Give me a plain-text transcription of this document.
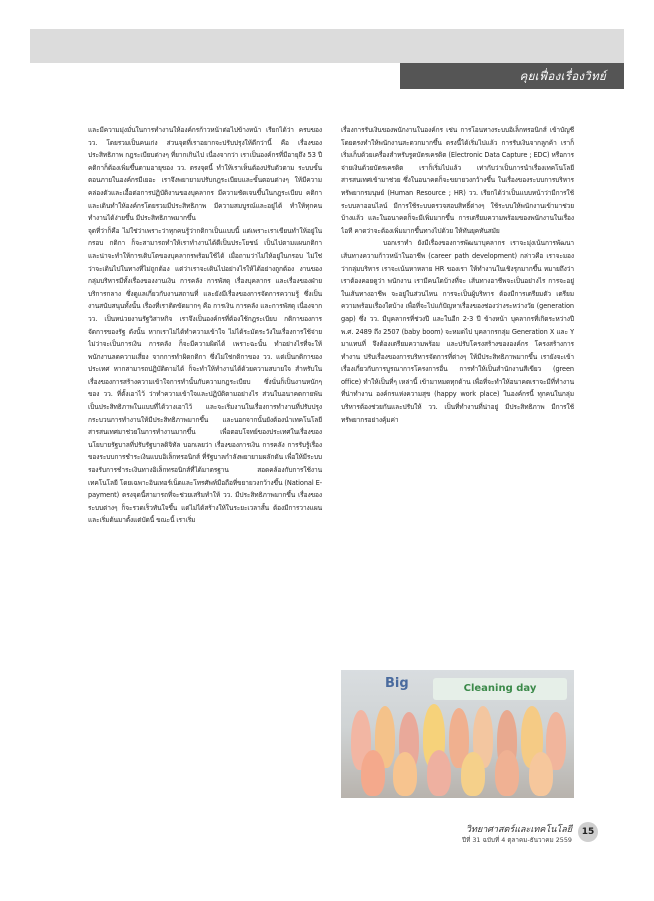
คุยเฟื่องเรื่องวิทย์

และมีความมุ่งมั่นในการทำงานให้องค์กรก้าวหน้าต่อไปข้างหน้า เรียกได้ว่า ครบของ วว. โดยรวมเป็นคนเก่ง ส่วนจุดที่เราอยากจะปรับปรุงให้ดีกว่านี้ คือ เรื่องของประสิทธิภาพ กฎระเบียบต่างๆ ที่ยากเกินไป เนื่องจากว่า เราเป็นองค์กรที่มีอายุถึง 53 ปี คติกาก็ต้องเพิ่มขึ้นตามอายุของ วว. ตรงจุดนี้ ทำให้เราเห็นต้องปรับตัวตาม ระบบขั้นตอนภายในองค์กรมีเยอะ เราจึงพยายามปรับกฎระเบียบและขั้นตอนต่างๆ ให้มีความคล่องตัวและเอื้อต่อการปฏิบัติงานของบุคลากร มีความชัดเจนขึ้นในกฎระเบียบ คติกา และเดินทำให้องค์กรโดยรวมมีประสิทธิภาพ มีความสมบูรณ์และอยู่ได้ ทำให้ทุกคนทำงานได้ง่ายขึ้น มีประสิทธิภาพมากขึ้น

จุดที่ว่าก็คือ ไม่ใช่ว่าเพราะว่าทุกคนรู้ว่ากติกาเป็นแบบนี้ แต่เพราะเราเขียนทำให้อยู่ในกรอบ กติกา ก็จะสามารถทำให้เราทำงานได้ดีเป็นประโยชน์ เป็นไปตามแผนกติกา และน่าจะทำให้การเติบโตของบุคลากรพร้อมใช้ได้ เมื่อถามว่าไม่ให้อยู่ในกรอบ ไม่ใช่ว่าจะเดินไปในทางที่ไม่ถูกต้อง แต่ว่าเราจะเดินไปอย่างไรให้ได้อย่างถูกต้อง งานของกลุ่มบริหารมีทั้งเรื่องของงานเงิน การคลัง การพัสดุ เรื่องบุคลากร และเรื่องของฝ่ายบริการกลาง ซึ่งดูแลเกี่ยวกับงานสถานที่ และยังมีเรื่องของการจัดการความรู้ ซึ่งเป็นงานสนับสนุนทั้งนั้น เรื่องที่เราติดขัดมากๆ คือ การเงิน การคลัง และการพัสดุ เนื่องจาก วว. เป็นหน่วยงานรัฐวิสาหกิจ เราจึงเป็นองค์กรที่ต้องใช้กฎระเบียบ กติกาของการจัดการของรัฐ ดังนั้น หากเราไม่ได้ทำความเข้าใจ ไม่ได้ระมัดระวังในเรื่องการใช้จ่าย ไม่ว่าจะเป็นการเงิน การคลัง ก็จะมีความผิดได้ เพราะฉะนั้น ทำอย่างไรที่จะให้พนักงานลดความเสี่ยง จากการทำผิดกติกา ซึ่งไม่ใช่กติกาของ วว. แต่เป็นกติกาของประเทศ หากสามารถปฏิบัติตามได้ ก็จะทำให้ทำงานได้ด้วยความสบายใจ สำหรับในเรื่องของการสร้างความเข้าใจการทำนั้นกับความกฎระเบียบ ซึ่งนั่นก็เป็นงานหนักๆ ของ วว. ที่ตั้งเอาไว้ ว่าทำความเข้าใจและปฏิบัติตามอย่างไร ส่วนในอนาคตกายพันเป็นประสิทธิภาพในแบบที่ได้วางเอาไว้ และจะเริ่มงานในเรื่องการทำงานที่ปรับปรุงกระบวนการทำงานให้มีประสิทธิภาพมากขึ้น และนอกจากนั้นยังต้องนำเทคโนโลยีสารสนเทศมาช่วยในการทำงานมากขึ้น เพื่อตอบโจทย์ของประเทศในเรื่องของนโยบายรัฐบาลที่ปรับรัฐบาลดิจิทัล บอกเลยว่า เรื่องของการเงิน การคลัง การรับรู้เรื่องของระบบการชำระเงินแบบอิเล็กทรอนิกส์ ที่รัฐบาลกำลังพยายามผลักดัน เพื่อให้มีระบบรองรับการชำระเงินทางอิเล็กทรอนิกส์ที่ได้มาตรฐาน สอดคล้องกับการใช้งานเทคโนโลยี โดยเฉพาะอินเทอร์เน็ตและโทรศัพท์มือถือที่ขยายวงกว้างขึ้น (National E-payment) ตรงจุดนี้สามารถที่จะช่วยเสริมทำให้ วว. มีประสิทธิภาพมากขึ้น เรื่องของระบบต่างๆ ก็จะรวดเร็วทันใจขึ้น แต่ไม่ได้สร้างให้ในระยะเวลาสั้น ต้องมีการวางแผน และเริ่มต้นมาตั้งแต่บัดนี้ ขณะนี้ เราเริ่ม

เรื่องการรับเงินของพนักงานในองค์กร เช่น การโอนทางระบบอิเล็กทรอนิกส์ เข้าบัญชีโดยตรงทำให้พนักงานสะดวกมากขึ้น ตรงนี้ได้เริ่มไปแล้ว การรับเงินจากลูกค้า เราก็เริ่มเก็บด้วยเครื่องสำหรับรูดบัตรเครดิต (Electronic Data Capture ; EDC) หรือการจ่ายเงินด้วยบัตรเครดิต เราก็เริ่มไปแล้ว เท่ากับว่าเป็นการนำเรื่องเทคโนโลยีสารสนเทศเข้ามาช่วย ซึ่งในอนาคตก็จะขยายวงกว้างขึ้น ในเรื่องของระบบการบริหารทรัพยากรมนุษย์ (Human Resource ; HR) วว. เรียกได้ว่าเป็นแบบหน้าว่ามีการใช้ระบบลาออนไลน์ มีการใช้ระบบตรวจสอบสิทธิ์ต่างๆ ใช้ระบบให้พนักงานเข้ามาช่วยบ้างแล้ว และในอนาคตก็จะมีเพิ่มมากขึ้น การเตรียมความพร้อมของพนักงานในเรื่องไอที คาดว่าจะต้องเพิ่มมากขึ้นทางไปด้วย ให้ทันยุคทันสมัย

บอกเราทำ ยังมีเรื่องของการพัฒนาบุคลากร เราจะมุ่งเน้นการพัฒนาเส้นทางความก้าวหน้าในอาชีพ (career path development) กล่าวคือ เราจะมองว่ากลุ่มบริหาร เราจะเน้นหาหลาย HR ของเรา ให้ทำงานในเชิงรุกมากขึ้น หมายถึงว่า เราต้องคอยดูว่า พนักงาน เรามีคนใดบ้างที่จะ เส้นทางอาชีพจะเป็นอย่างไร การจะอยู่ในเส้นทางอาชีพ จะอยู่ในส่วนไหน การจะเป็นผู้บริหาร ต้องมีการเตรียมตัว เตรียมความพร้อมเรื่องใดบ้าง เพื่อที่จะไปแก้ปัญหาเรื่องของช่องว่างระหว่างวัย (generation gap) ซึ่ง วว. มีบุคลากรที่ช่วงปี และในอีก 2-3 ปี ข้างหน้า บุคลากรที่เกิดระหว่างปี พ.ศ. 2489 ถึง 2507 (baby boom) จะหมดไป บุคลากรกลุ่ม Generation X และ Y มาแทนที่ จึงต้องเตรียมความพร้อม และปรับโครงสร้างขององค์กร โครงสร้างการทำงาน ปรับเรื่องของการบริหารจัดการที่ต่างๆ ให้มีประสิทธิภาพมากขึ้น เรายังจะเข้าเรื่องเกี่ยวกับการบูรณาการโครงการอื่น การทำให้เป็นสำนักงานสีเขียว (green office) ทำให้เป็นที่ๆ เหล่านี้ เข้ามาหมดทุกด้าน เพื่อที่จะทำให้อนาคตเราจะมีที่ทำงานที่น่าทำงาน องค์กรแห่งความสุข (happy work place) ในองค์กรนี้ ทุกคนในกลุ่มบริหารต้องช่วยกันและปรับให้ วว. เป็นที่ทำงานที่น่าอยู่ มีประสิทธิภาพ มีการใช้ทรัพยากรอย่างคุ้มค่า

Big	Cleaning day
วิทยาศาสตร์และเทคโนโลยี
ปีที่ 31 ฉบับที่ 4 ตุลาคม-ธันวาคม 2559
15
